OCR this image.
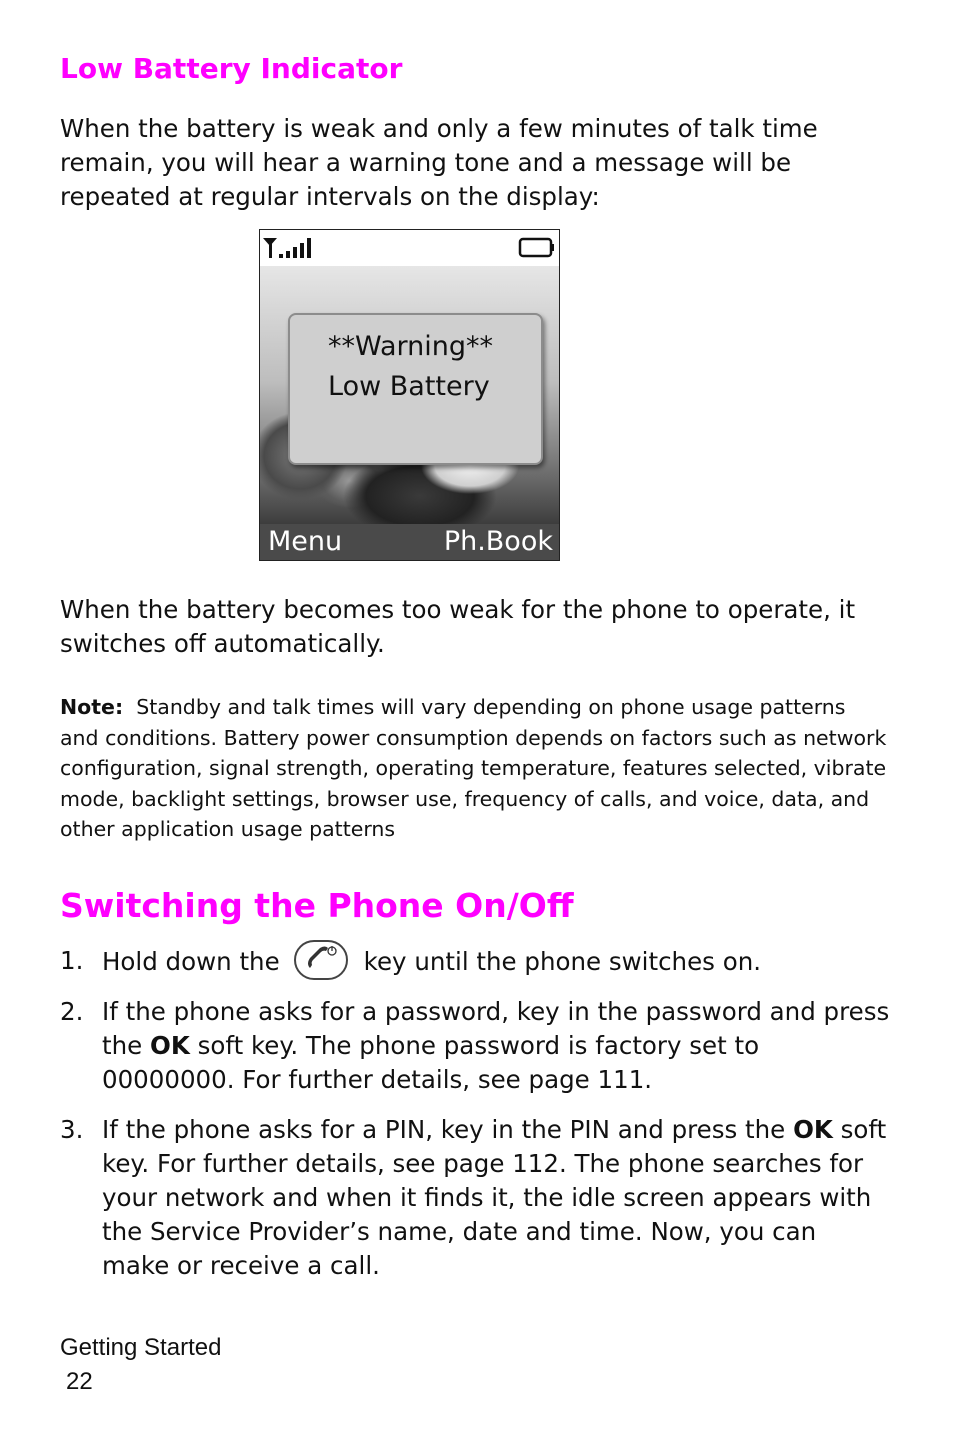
Low Battery Indicator

When the battery is weak and only a few minutes of talk time remain, you will hear a warning tone and a message will be repeated at regular intervals on the display:

**Warning**
Low Battery
Menu	Ph.Book

When the battery becomes too weak for the phone to operate, it switches off automatically.

Note: Standby and talk times will vary depending on phone usage patterns and conditions. Battery power consumption depends on factors such as network configuration, signal strength, operating temperature, features selected, vibrate mode, backlight settings, browser use, frequency of calls, and voice, data, and other application usage patterns

Switching the Phone On/Off
1. Hold down the	key until the phone switches on.
2. If the phone asks for a password, key in the password and press the OK soft key. The phone password is factory set to 00000000. For further details, see page 111.
3. If the phone asks for a PIN, key in the PIN and press the OK soft key. For further details, see page 112. The phone searches for your network and when it finds it, the idle screen appears with the Service Provider’s name, date and time. Now, you can make or receive a call.
Getting Started
22
